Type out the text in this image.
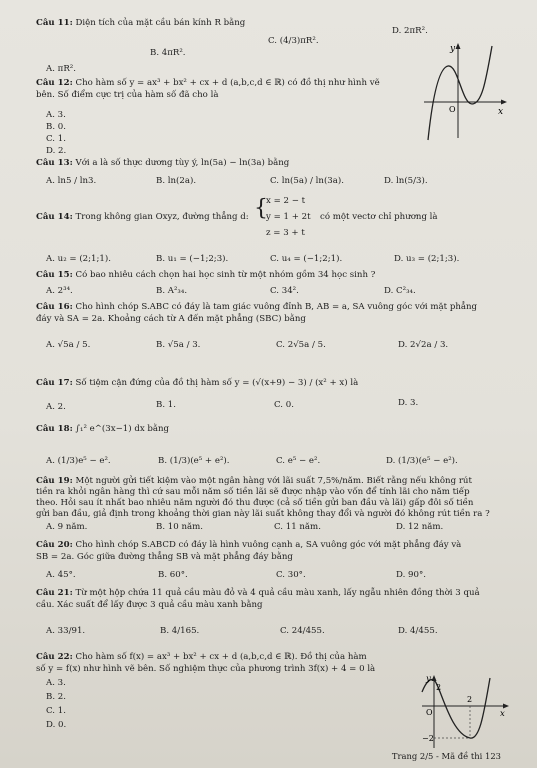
Câu 11: Diện tích của mặt cầu bán kính R bằng
A. πR².
B. 4πR².
C. (4/3)πR².
D. 2πR².
Câu 12: Cho hàm số y = ax³ + bx² + cx + d (a,b,c,d ∈ ℝ) có đồ thị như hình vẽ
bên. Số điểm cực trị của hàm số đã cho là
A. 3.
B. 0.
C. 1.
D. 2.
y
x
O
Câu 13: Với a là số thực dương tùy ý, ln(5a) − ln(3a) bằng
A. ln5 / ln3.	B. ln(2a).	C. ln(5a) / ln(3a).	D. ln(5/3).
Câu 14: Trong không gian Oxyz, đường thẳng d: {
x = 2 − t
y = 1 + 2t
z = 3 + t
có một vectơ chỉ phương là
A. u₂ = (2;1;1).	B. u₁ = (−1;2;3).	C. u₄ = (−1;2;1).	D. u₃ = (2;1;3).
Câu 15: Có bao nhiêu cách chọn hai học sinh từ một nhóm gồm 34 học sinh ?
A. 2³⁴.	B. A²₃₄.	C. 34².	D. C²₃₄.
Câu 16: Cho hình chóp S.ABC có đáy là tam giác vuông đỉnh B, AB = a, SA vuông góc với mặt phẳng
đáy và SA = 2a. Khoảng cách từ A đến mặt phẳng (SBC) bằng
A. √5a / 5.	B. √5a / 3.	C. 2√5a / 5.	D. 2√2a / 3.
Câu 17: Số tiệm cận đứng của đồ thị hàm số y = (√(x+9) − 3) / (x² + x) là
A. 2.	B. 1.	C. 0.	D. 3.
Câu 18: ∫₁² e^(3x−1) dx bằng
A. (1/3)e⁵ − e².	B. (1/3)(e⁵ + e²).	C. e⁵ − e².	D. (1/3)(e⁵ − e²).
Câu 19: Một người gửi tiết kiệm vào một ngân hàng với lãi suất 7,5%/năm. Biết rằng nếu không rút
tiền ra khỏi ngân hàng thì cứ sau mỗi năm số tiền lãi sẽ được nhập vào vốn để tính lãi cho năm tiếp
theo. Hỏi sau ít nhất bao nhiêu năm người đó thu được (cả số tiền gửi ban đầu và lãi) gấp đôi số tiền
gửi ban đầu, giả định trong khoảng thời gian này lãi suất không thay đổi và người đó không rút tiền ra ?
A. 9 năm.	B. 10 năm.	C. 11 năm.	D. 12 năm.
Câu 20: Cho hình chóp S.ABCD có đáy là hình vuông cạnh a, SA vuông góc với mặt phẳng đáy và
SB = 2a. Góc giữa đường thẳng SB và mặt phẳng đáy bằng
A. 45°.	B. 60°.	C. 30°.	D. 90°.
Câu 21: Từ một hộp chứa 11 quả cầu màu đỏ và 4 quả cầu màu xanh, lấy ngẫu nhiên đồng thời 3 quả
cầu. Xác suất để lấy được 3 quả cầu màu xanh bằng
A. 33/91.	B. 4/165.	C. 24/455.	D. 4/455.
Câu 22: Cho hàm số f(x) = ax³ + bx² + cx + d (a,b,c,d ∈ ℝ). Đồ thị của hàm
số y = f(x) như hình vẽ bên. Số nghiệm thực của phương trình 3f(x) + 4 = 0 là
A. 3.
B. 2.
C. 1.
D. 0.
y
x
O
2
2
−2
Trang 2/5 - Mã đề thi 123
